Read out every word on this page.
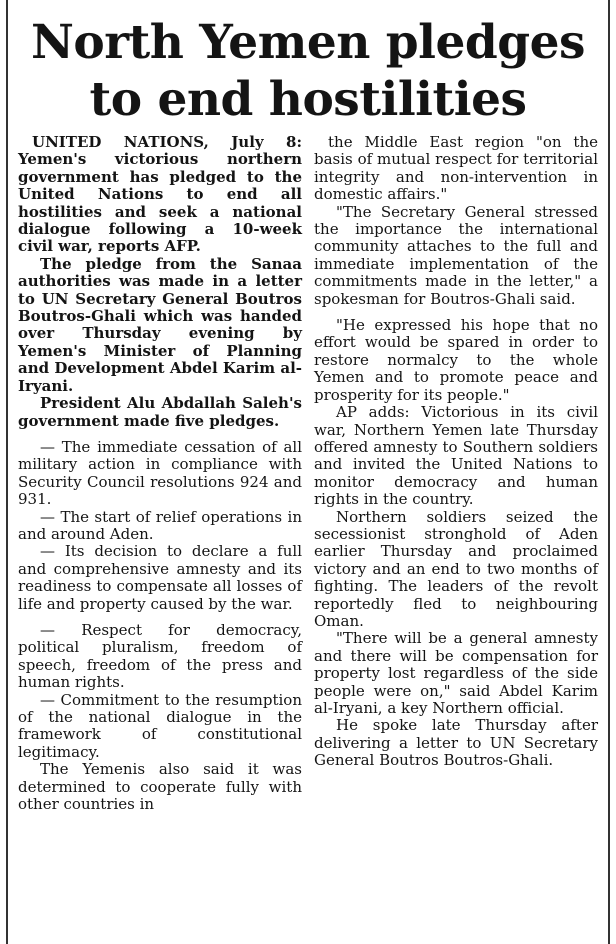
North Yemen pledges
to end hostilities

UNITED NATIONS, July 8: Yemen's victorious northern government has pledged to the United Nations to end all hostilities and seek a national dialogue following a 10-week civil war, reports AFP.

The pledge from the Sanaa authorities was made in a letter to UN Secretary General Boutros Boutros-Ghali which was handed over Thursday evening by Yemen's Minister of Planning and Development Abdel Karim al-Iryani.

President Alu Abdallah Saleh's government made five pledges.

— The immediate cessation of all military action in compliance with Security Council resolutions 924 and 931.

— The start of relief operations in and around Aden.

— Its decision to declare a full and comprehensive amnesty and its readiness to compensate all losses of life and property caused by the war.

— Respect for democracy, political pluralism, freedom of speech, freedom of the press and human rights.

— Commitment to the resumption of the national dialogue in the framework of constitutional legitimacy.

The Yemenis also said it was determined to cooperate fully with other countries in

the Middle East region "on the basis of mutual respect for territorial integrity and non-intervention in domestic affairs."

"The Secretary General stressed the importance the international community attaches to the full and immediate implementation of the commitments made in the letter," a spokesman for Boutros-Ghali said.

"He expressed his hope that no effort would be spared in order to restore normalcy to the whole Yemen and to promote peace and prosperity for its people."

AP adds: Victorious in its civil war, Northern Yemen late Thursday offered amnesty to Southern soldiers and invited the United Nations to monitor democracy and human rights in the country.

Northern soldiers seized the secessionist stronghold of Aden earlier Thursday and proclaimed victory and an end to two months of fighting. The leaders of the revolt reportedly fled to neighbouring Oman.

"There will be a general amnesty and there will be compensation for property lost regardless of the side people were on," said Abdel Karim al-Iryani, a key Northern official.

He spoke late Thursday after delivering a letter to UN Secretary General Boutros Boutros-Ghali.
